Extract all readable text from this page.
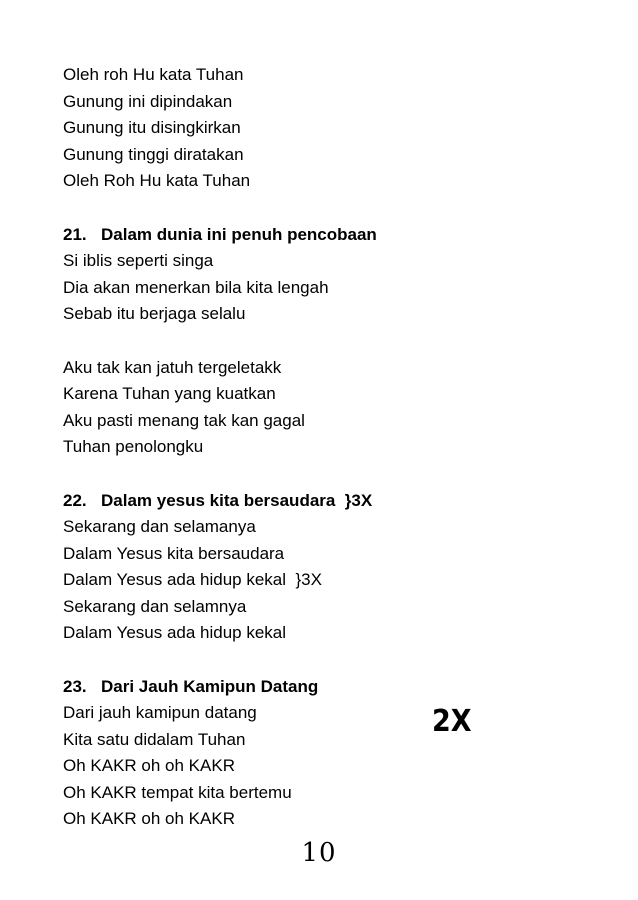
Oleh roh Hu kata Tuhan
Gunung ini dipindakan
Gunung itu disingkirkan
Gunung tinggi diratakan
Oleh Roh Hu kata Tuhan
21. Dalam dunia ini penuh pencobaan
Si iblis seperti singa
Dia akan menerkan bila kita lengah
Sebab itu berjaga selalu
Aku tak kan jatuh tergeletakk
Karena Tuhan yang kuatkan
Aku pasti menang tak kan gagal
Tuhan penolongku
22. Dalam yesus kita bersaudara  }3X
Sekarang dan selamanya
Dalam Yesus kita bersaudara
Dalam Yesus ada hidup kekal  }3X
Sekarang dan selamnya
Dalam Yesus ada hidup kekal
23. Dari Jauh Kamipun Datang
Dari jauh kamipun datang
Kita satu didalam Tuhan
Oh KAKR oh oh KAKR
Oh KAKR tempat kita bertemu
Oh KAKR oh oh KAKR
2X
10
